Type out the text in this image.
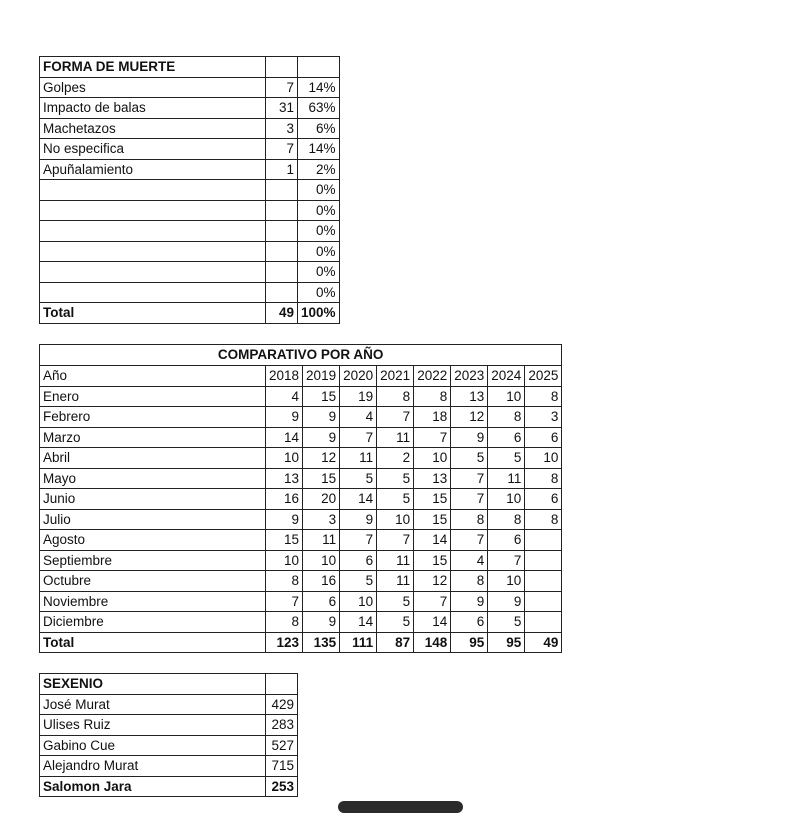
FORMA DE MUERTE		
Golpes	7	14%
Impacto de balas	31	63%
Machetazos	3	6%
No especifica	7	14%
Apuñalamiento	1	2%
		0%
		0%
		0%
		0%
		0%
		0%
Total	49	100%
COMPARATIVO POR AÑO								
Año	2018	2019	2020	2021	2022	2023	2024	2025
Enero	4	15	19	8	8	13	10	8
Febrero	9	9	4	7	18	12	8	3
Marzo	14	9	7	11	7	9	6	6
Abril	10	12	11	2	10	5	5	10
Mayo	13	15	5	5	13	7	11	8
Junio	16	20	14	5	15	7	10	6
Julio	9	3	9	10	15	8	8	8
Agosto	15	11	7	7	14	7	6	
Septiembre	10	10	6	11	15	4	7	
Octubre	8	16	5	11	12	8	10	
Noviembre	7	6	10	5	7	9	9	
Diciembre	8	9	14	5	14	6	5	
Total	123	135	111	87	148	95	95	49
SEXENIO	
José Murat	429
Ulises Ruiz	283
Gabino Cue	527
Alejandro Murat	715
Salomon Jara	253
